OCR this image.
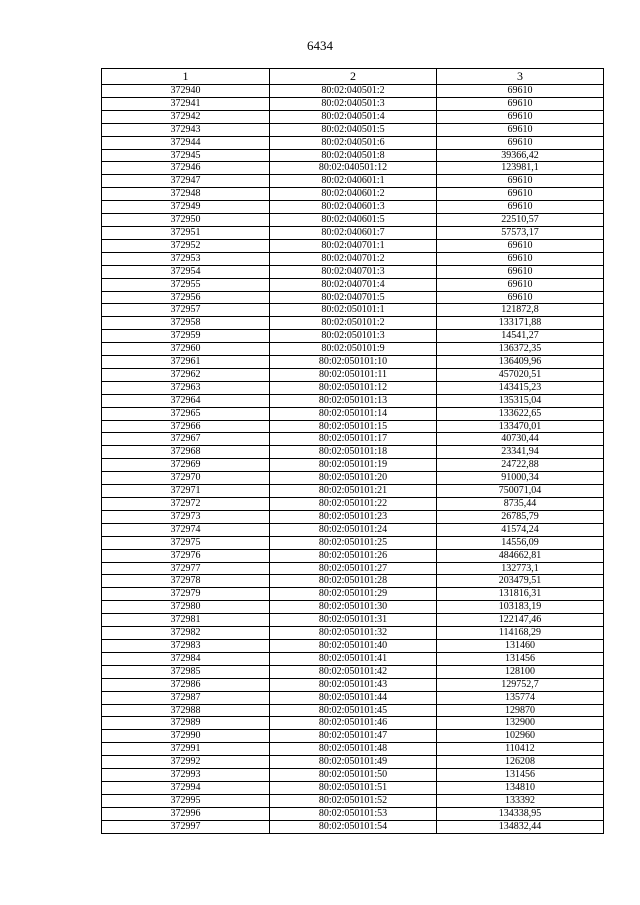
6434
1	2	3
372940	80:02:040501:2	69610
372941	80:02:040501:3	69610
372942	80:02:040501:4	69610
372943	80:02:040501:5	69610
372944	80:02:040501:6	69610
372945	80:02:040501:8	39366,42
372946	80:02:040501:12	123981,1
372947	80:02:040601:1	69610
372948	80:02:040601:2	69610
372949	80:02:040601:3	69610
372950	80:02:040601:5	22510,57
372951	80:02:040601:7	57573,17
372952	80:02:040701:1	69610
372953	80:02:040701:2	69610
372954	80:02:040701:3	69610
372955	80:02:040701:4	69610
372956	80:02:040701:5	69610
372957	80:02:050101:1	121872,8
372958	80:02:050101:2	133171,88
372959	80:02:050101:3	14541,27
372960	80:02:050101:9	136372,35
372961	80:02:050101:10	136409,96
372962	80:02:050101:11	457020,51
372963	80:02:050101:12	143415,23
372964	80:02:050101:13	135315,04
372965	80:02:050101:14	133622,65
372966	80:02:050101:15	133470,01
372967	80:02:050101:17	40730,44
372968	80:02:050101:18	23341,94
372969	80:02:050101:19	24722,88
372970	80:02:050101:20	91000,34
372971	80:02:050101:21	750071,04
372972	80:02:050101:22	8735,44
372973	80:02:050101:23	26785,79
372974	80:02:050101:24	41574,24
372975	80:02:050101:25	14556,09
372976	80:02:050101:26	484662,81
372977	80:02:050101:27	132773,1
372978	80:02:050101:28	203479,51
372979	80:02:050101:29	131816,31
372980	80:02:050101:30	103183,19
372981	80:02:050101:31	122147,46
372982	80:02:050101:32	114168,29
372983	80:02:050101:40	131460
372984	80:02:050101:41	131456
372985	80:02:050101:42	128100
372986	80:02:050101:43	129752,7
372987	80:02:050101:44	135774
372988	80:02:050101:45	129870
372989	80:02:050101:46	132900
372990	80:02:050101:47	102960
372991	80:02:050101:48	110412
372992	80:02:050101:49	126208
372993	80:02:050101:50	131456
372994	80:02:050101:51	134810
372995	80:02:050101:52	133392
372996	80:02:050101:53	134338,95
372997	80:02:050101:54	134832,44
